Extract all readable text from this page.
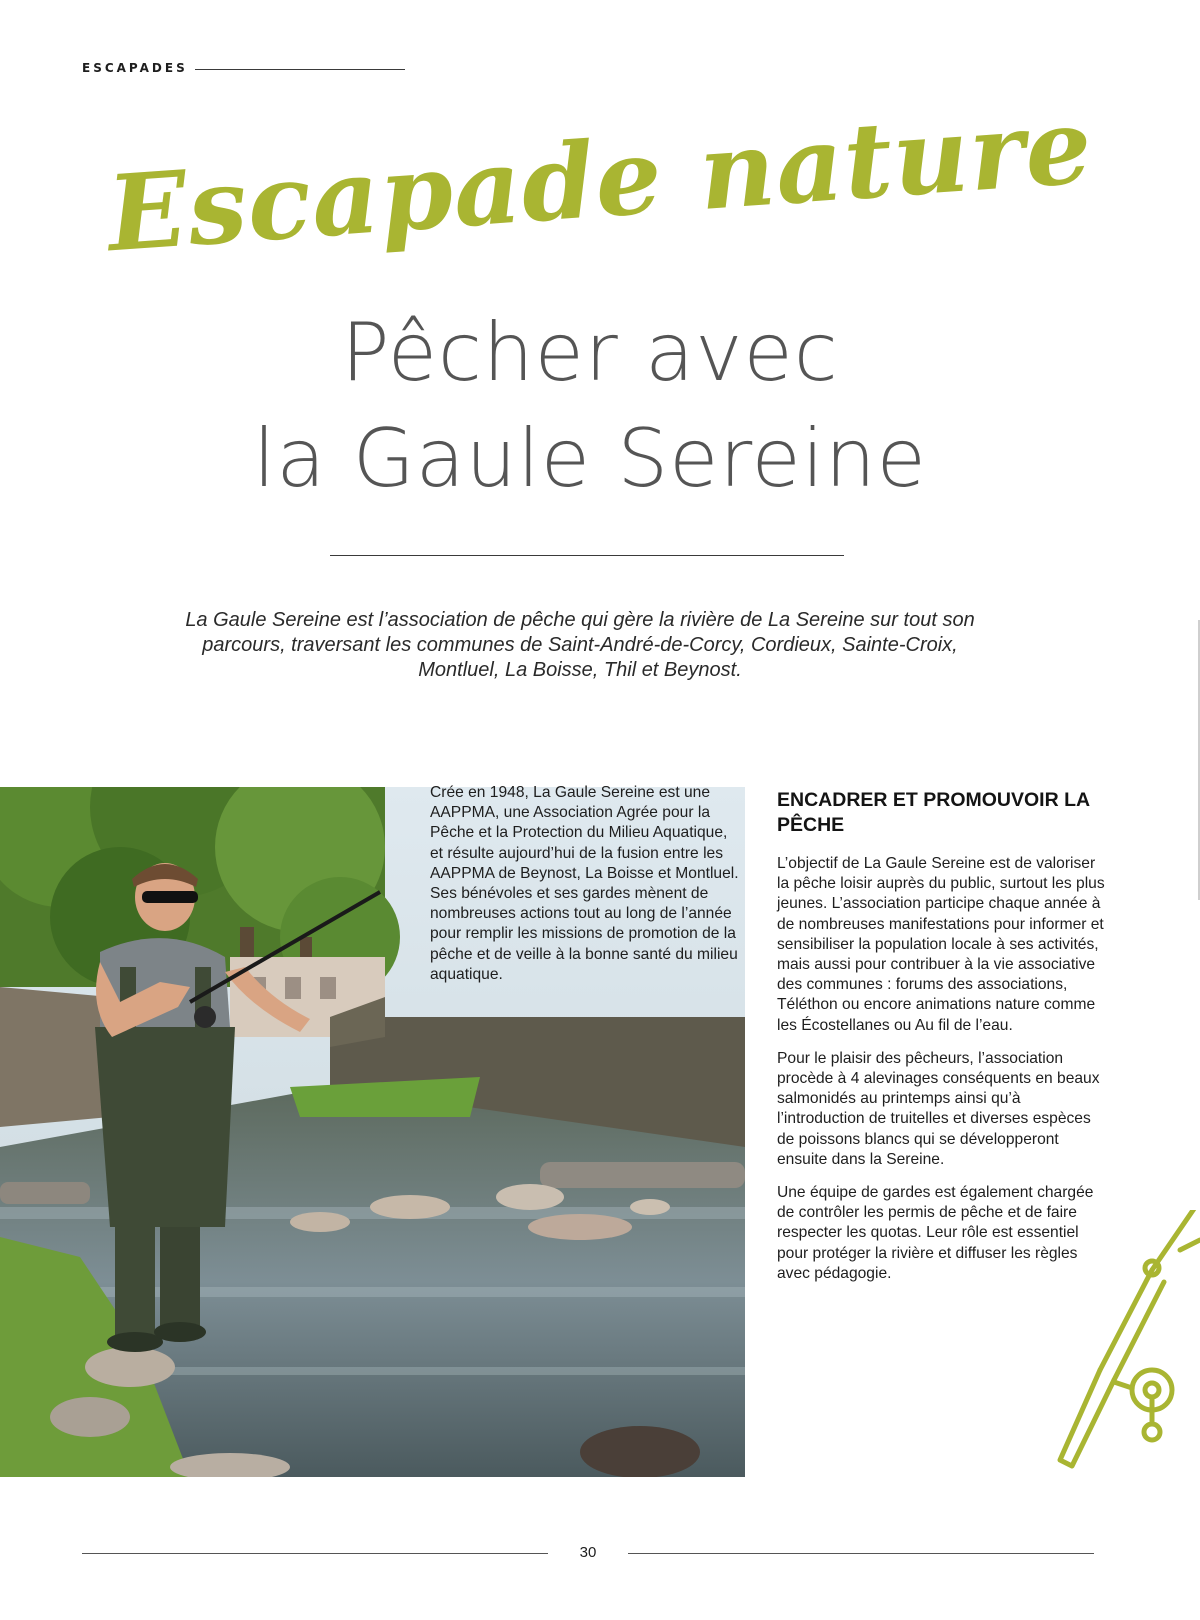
ESCAPADES
Escapade nature
Pêcher avec
la Gaule Sereine

La Gaule Sereine est l’association de pêche qui gère la rivière de La Sereine sur tout son parcours, traversant les communes de Saint-André-de-Corcy, Cordieux, Sainte-Croix, Montluel, La Boisse, Thil et Beynost.

Crée en 1948, La Gaule Sereine est une AAPPMA, une Association Agrée pour la Pêche et la Protection du Milieu Aquatique, et résulte aujourd’hui de la fusion entre les AAPPMA de Beynost, La Boisse et Montluel. Ses bénévoles et ses gardes mènent de nombreuses actions tout au long de l’année pour remplir les missions de promotion de la pêche et de veille à la bonne santé du milieu aquatique.

ENCADRER ET PROMOUVOIR LA PÊCHE

L’objectif de La Gaule Sereine est de valoriser la pêche loisir auprès du public, surtout les plus jeunes. L’association participe chaque année à de nombreuses manifestations pour informer et sensibiliser la population locale à ses activités, mais aussi pour contribuer à la vie associative des communes : forums des associations, Téléthon ou encore animations nature comme les Écostellanes ou Au fil de l’eau.

Pour le plaisir des pêcheurs, l’association procède à 4 alevinages conséquents en beaux salmonidés au printemps ainsi qu’à l’introduction de truitelles et diverses espèces de poissons blancs qui se développeront ensuite dans la Sereine.

Une équipe de gardes est également chargée de contrôler les permis de pêche et de faire respecter les quotas. Leur rôle est essentiel pour protéger la rivière et diffuser les règles avec pédagogie.

30
